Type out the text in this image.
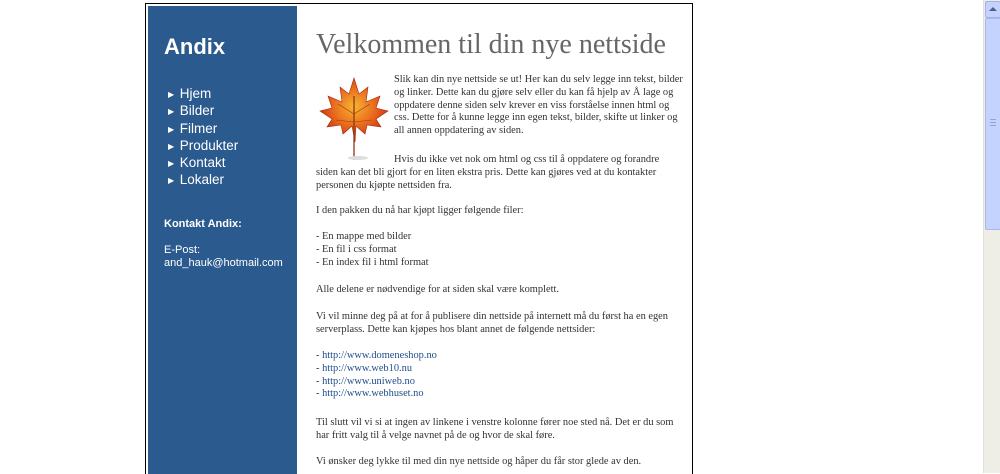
Andix
▶ Hjem
▶ Bilder
▶ Filmer
▶ Produkter
▶ Kontakt
▶ Lokaler
Kontakt Andix:
E-Post:
and_hauk@hotmail.com
Velkommen til din nye nettside

Slik kan din nye nettside se ut! Her kan du selv legge inn tekst, bilder og linker. Dette kan du gjøre selv eller du kan få hjelp av Å lage og oppdatere denne siden selv krever en viss forståelse innen html og css. Dette for å kunne legge inn egen tekst, bilder, skifte ut linker og all annen oppdatering av siden.

Hvis du ikke vet nok om html og css til å oppdatere og forandre

siden kan det bli gjort for en liten ekstra pris. Dette kan gjøres ved at du kontakter personen du kjøpte nettsiden fra.

I den pakken du nå har kjøpt ligger følgende filer:

- En mappe med bilder
- En fil i css format
- En index fil i html format

Alle delene er nødvendige for at siden skal være komplett.

Vi vil minne deg på at for å publisere din nettside på internett må du først ha en egen serverplass. Dette kan kjøpes hos blant annet de følgende nettsider:

- http://www.domeneshop.no
- http://www.web10.nu
- http://www.uniweb.no
- http://www.webhuset.no

Til slutt vil vi si at ingen av linkene i venstre kolonne fører noe sted nå. Det er du som har fritt valg til å velge navnet på de og hvor de skal føre.

Vi ønsker deg lykke til med din nye nettside og håper du får stor glede av den.
